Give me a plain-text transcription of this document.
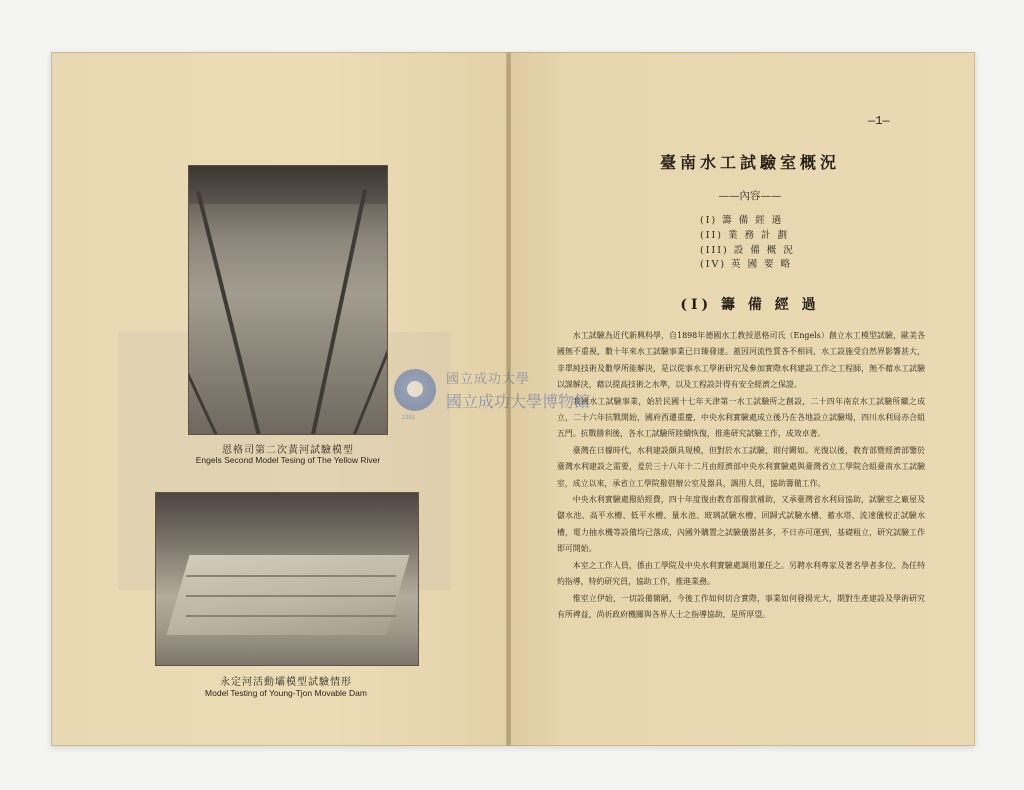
恩格司第二次黃河試驗模型
Engels Second Model Tesing of The Yellow River
永定河活動壩模型試驗情形
Model Testing of Young-Tjon Movable Dam
—1—
臺南水工試驗室概況
——內容——
(I) 籌 備 經 過
(II) 業 務 計 劃
(III) 設 備 概 況
(IV) 英 國 要 略
(I) 籌 備 經 過

水工試驗為近代新興科學，自1898年德國水工教授恩格司氏（Engels）創立水工模型試驗，歐美各國無不重視，數十年來水工試驗事業已日臻發達。蓋因河流性質各不相同，水工設施受自然界影響甚大，非單純技術及數學所能解決，是以從事水工學術研究及參加實際水利建設工作之工程師，無不藉水工試驗以謀解決，藉以提高技術之水準，以及工程設計得有安全經濟之保證。

我國水工試驗事業，始於民國十七年天津第一水工試驗所之創設，二十四年南京水工試驗所繼之成立，二十六年抗戰開始，國府西遷重慶，中央水利實驗處成立後乃在各地設立試驗場，四川水利局亦合組五門。抗戰勝利後，各水工試驗所陸續恢復，推進研究試驗工作，成效卓著。

臺灣在日據時代，水利建設頗具規模，但對於水工試驗，則付闕如。光復以後，教育部暨經濟部鑒於臺灣水利建設之需要，爰於三十八年十二月由經濟部中央水利實驗處與臺灣省立工學院合組臺南水工試驗室，成立以來，承省立工學院撥借辦公室及器具，調用人員，協助籌備工作。

中央水利實驗處撥給經費，四十年度復由教育部撥款補助，又承臺灣省水利局協助，試驗室之廠屋及儲水池、高平水槽、低平水槽、量水池、玻璃試驗水槽、回歸式試驗水槽、蓄水塔、流速儀校正試驗水槽，電力抽水機等設備均已落成，內國外購置之試驗儀器甚多，不日亦可運到，基礎粗立，研究試驗工作即可開始。

本室之工作人員，係由工學院及中央水利實驗處調用兼任之。另聘水利專家及著名學者多位，為任特約指導，特約研究員，協助工作，推進業務。

惟室立伊始，一切設備簡陋，今後工作如何切合實際，事業如何發揚光大，期對生產建設及學術研究有所裨益，尚祈政府機關與各界人士之指導協助，是所厚望。

1931
國立成功大學
國立成功大學博物館
